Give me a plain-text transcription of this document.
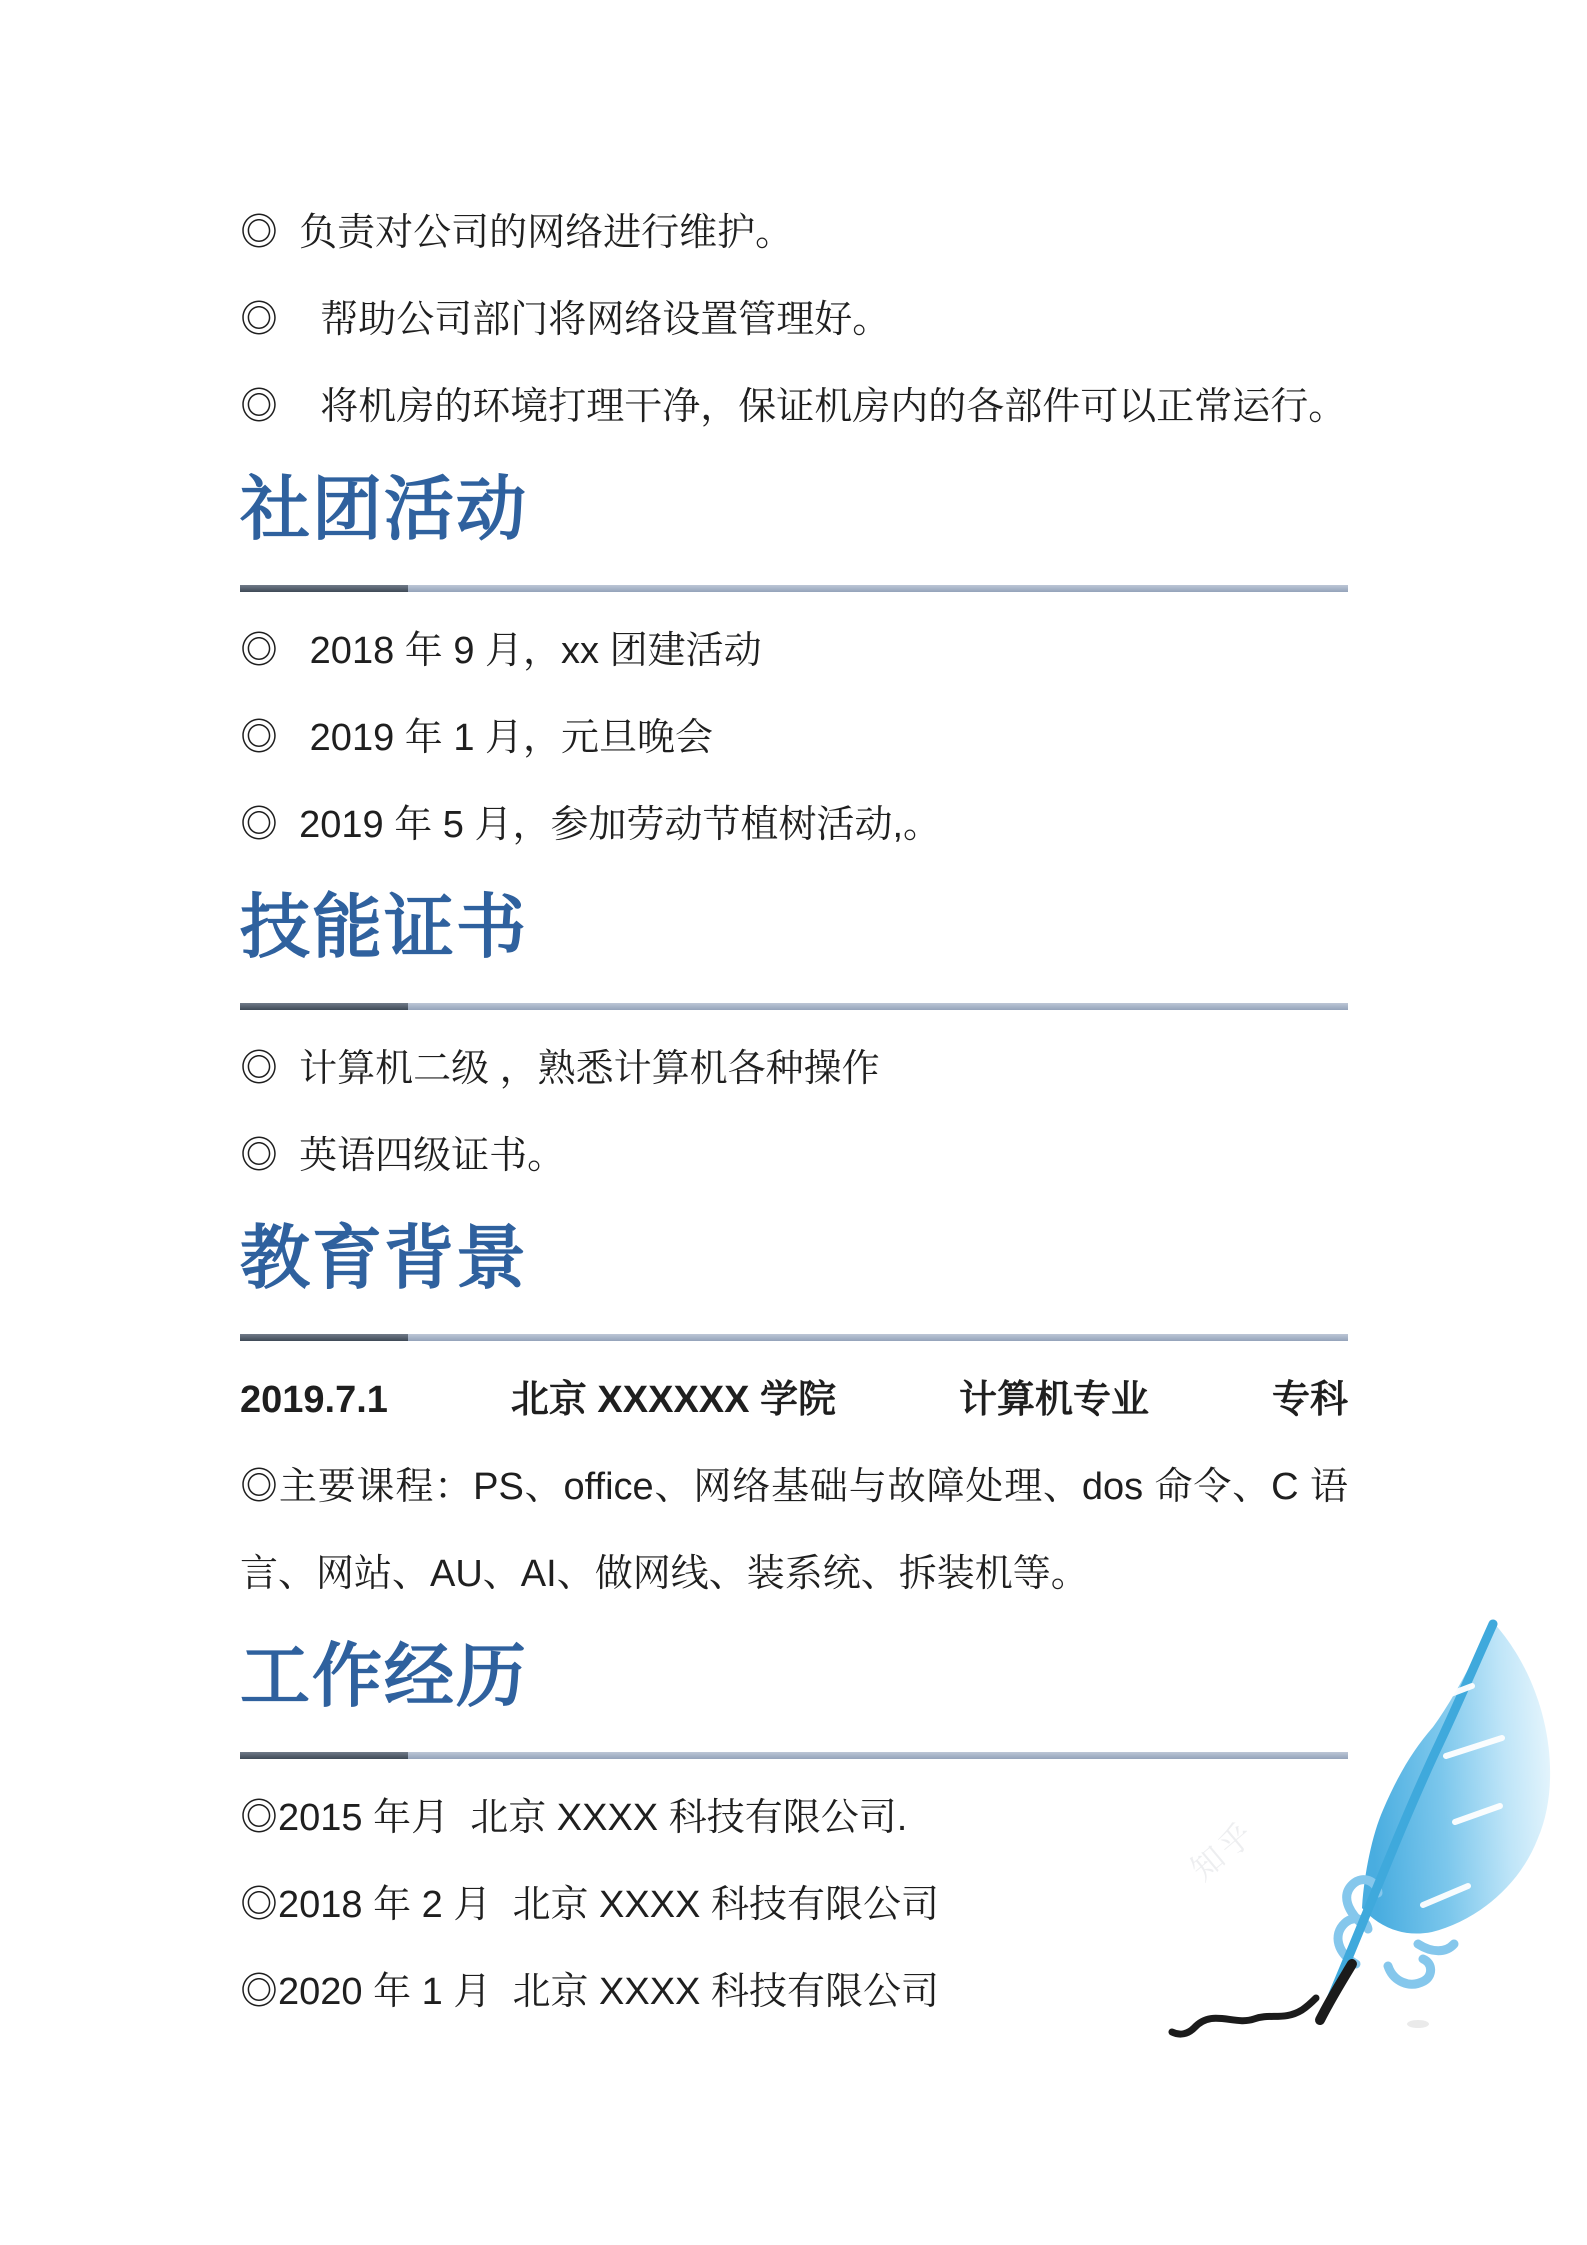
◎  负责对公司的网络进行维护。

◎    帮助公司部门将网络设置管理好。

◎    将机房的环境打理干净，保证机房内的各部件可以正常运行。

社团活动

◎   2018 年 9 月，xx 团建活动

◎   2019 年 1 月，元旦晚会

◎  2019 年 5 月，参加劳动节植树活动,。

技能证书

◎  计算机二级 ，熟悉计算机各种操作

◎  英语四级证书。

教育背景
2019.7.1	北京 XXXXXX 学院	计算机专业	专科

◎主要课程：PS、office、网络基础与故障处理、dos 命令、C 语言、网站、AU、AI、做网线、装系统、拆装机等。

工作经历

◎2015 年月  北京 XXXX 科技有限公司.

◎2018 年 2 月  北京 XXXX 科技有限公司

◎2020 年 1 月  北京 XXXX 科技有限公司

知乎
